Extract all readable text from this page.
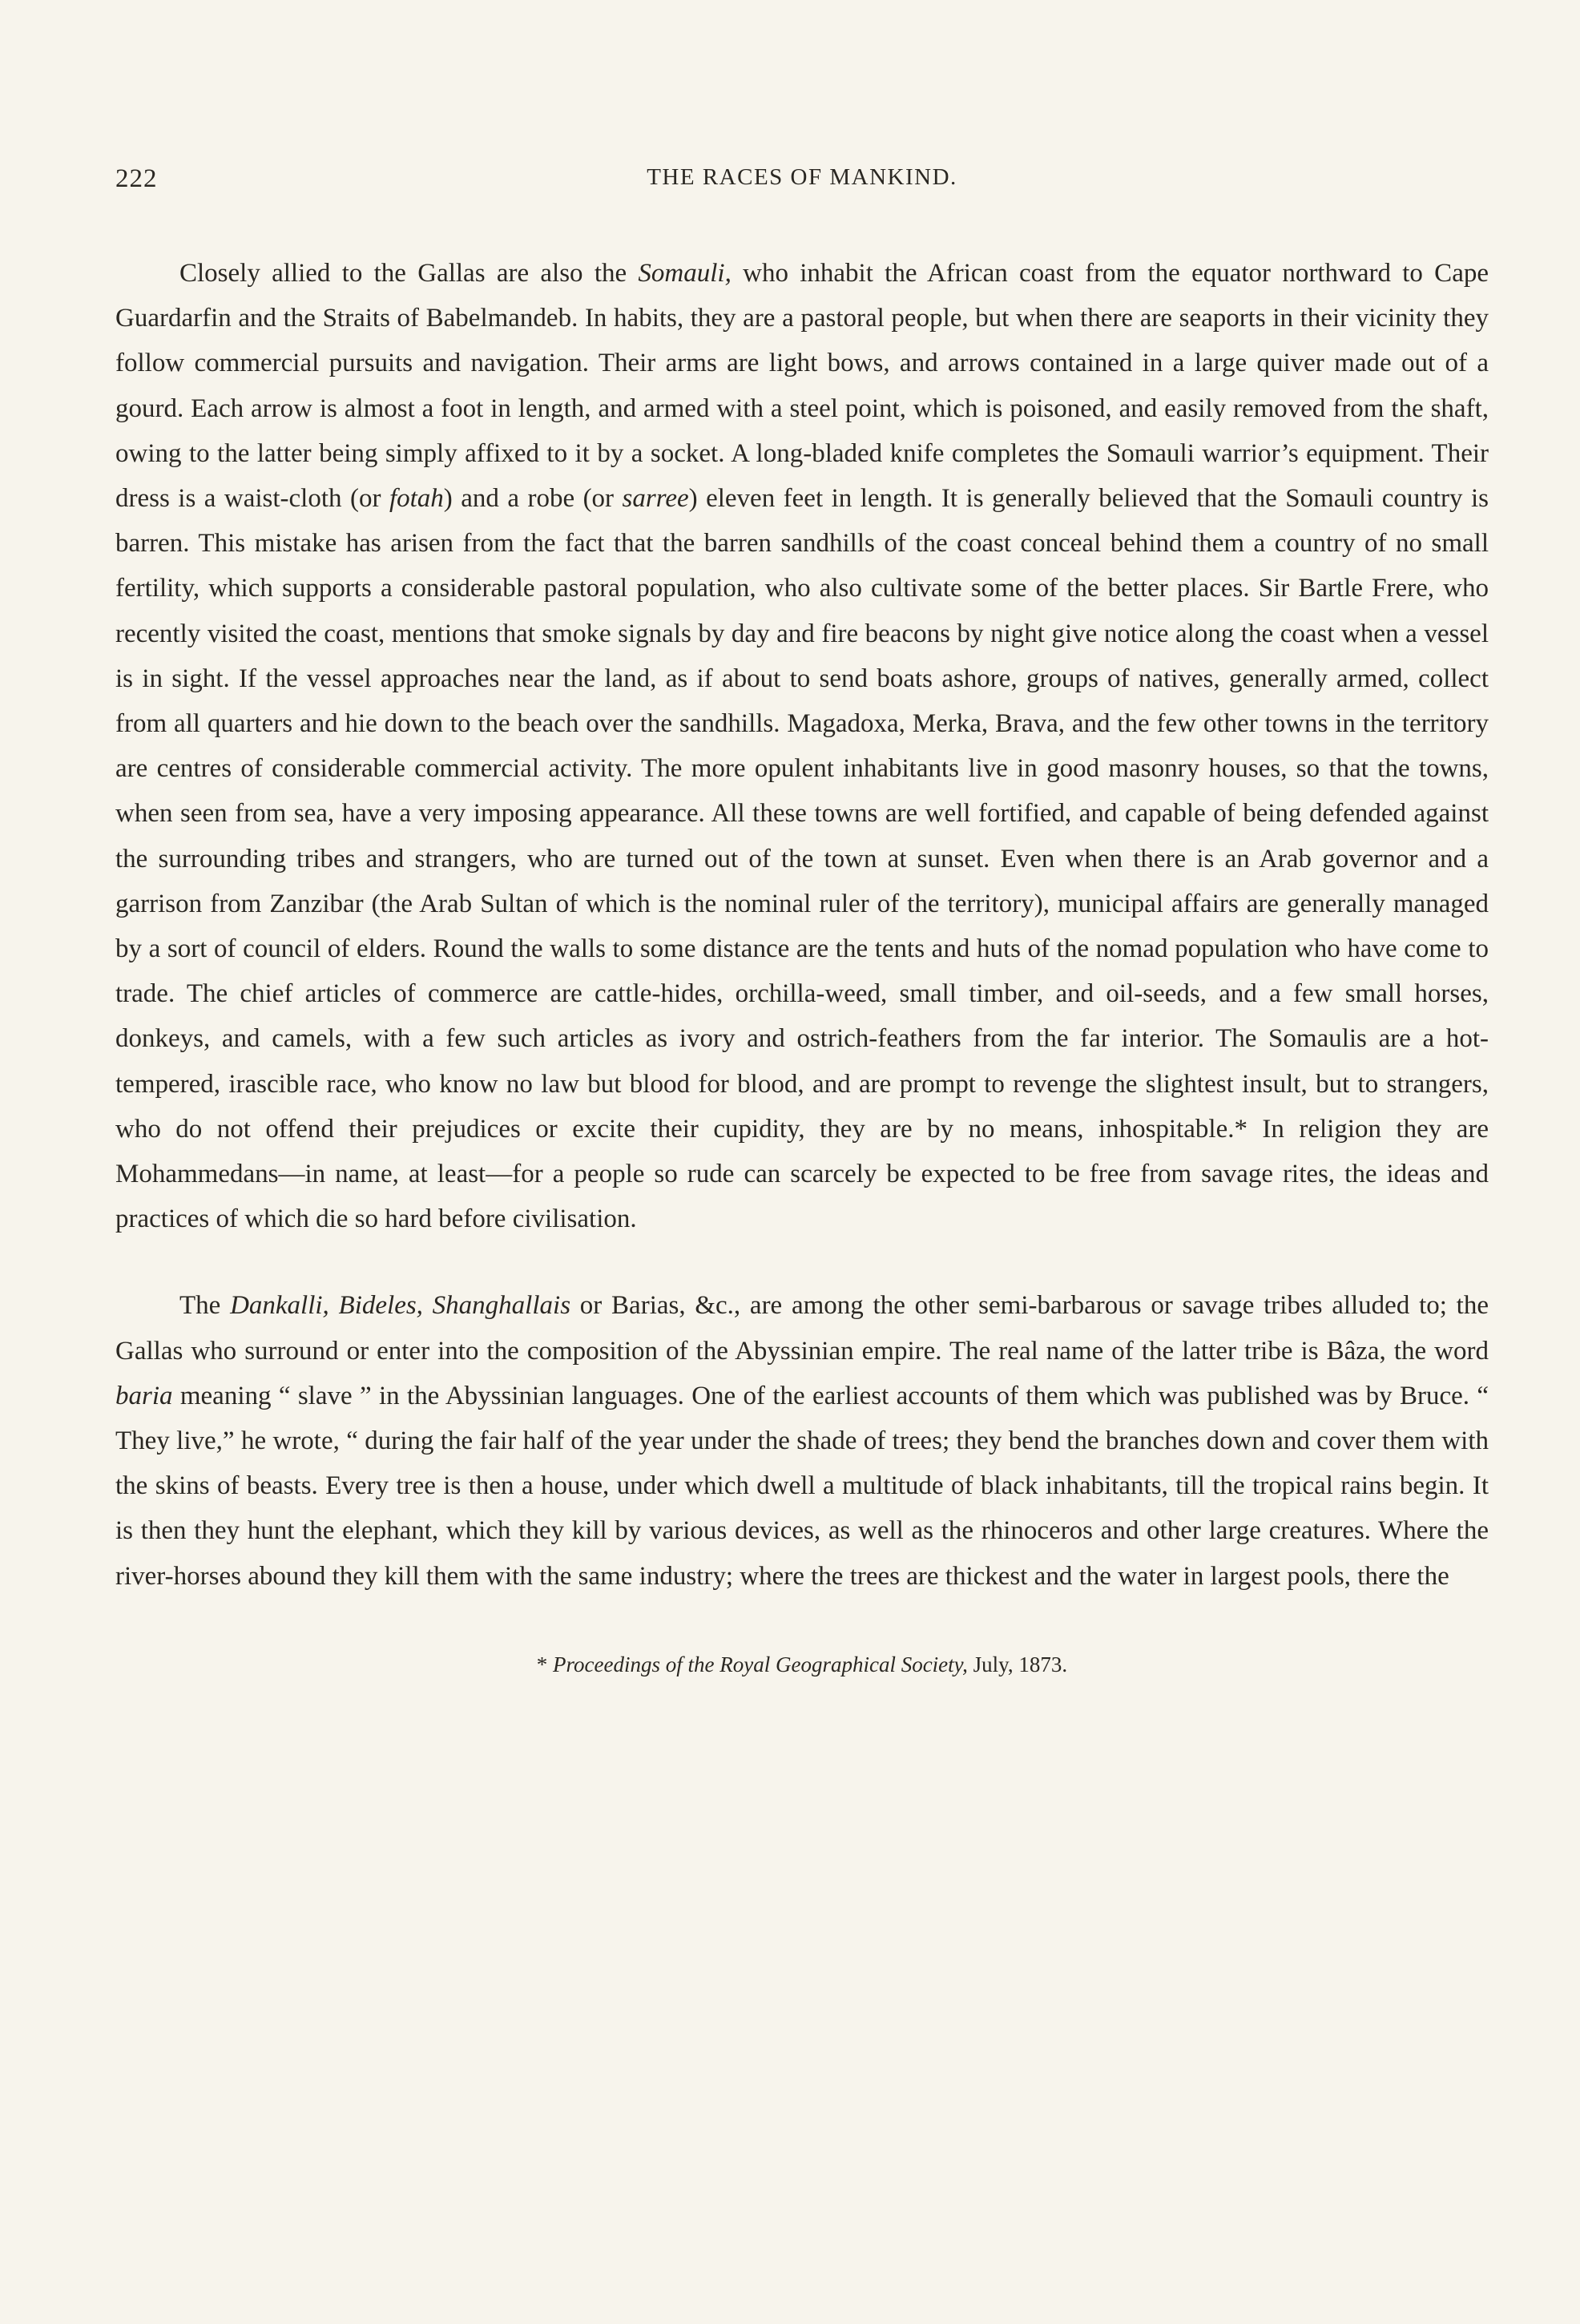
222	THE RACES OF MANKIND.

Closely allied to the Gallas are also the Somauli, who inhabit the African coast from the equator northward to Cape Guardarfin and the Straits of Babelmandeb. In habits, they are a pastoral people, but when there are seaports in their vicinity they follow commercial pursuits and navigation. Their arms are light bows, and arrows contained in a large quiver made out of a gourd. Each arrow is almost a foot in length, and armed with a steel point, which is poisoned, and easily removed from the shaft, owing to the latter being simply affixed to it by a socket. A long-bladed knife completes the Somauli warrior’s equipment. Their dress is a waist-cloth (or fotah) and a robe (or sarree) eleven feet in length. It is generally believed that the Somauli country is barren. This mistake has arisen from the fact that the barren sandhills of the coast conceal behind them a country of no small fertility, which supports a considerable pastoral population, who also cultivate some of the better places. Sir Bartle Frere, who recently visited the coast, mentions that smoke signals by day and fire beacons by night give notice along the coast when a vessel is in sight. If the vessel approaches near the land, as if about to send boats ashore, groups of natives, generally armed, collect from all quarters and hie down to the beach over the sandhills. Magadoxa, Merka, Brava, and the few other towns in the territory are centres of considerable commercial activity. The more opulent inhabitants live in good masonry houses, so that the towns, when seen from sea, have a very imposing appearance. All these towns are well fortified, and capable of being defended against the surrounding tribes and strangers, who are turned out of the town at sunset. Even when there is an Arab governor and a garrison from Zanzibar (the Arab Sultan of which is the nominal ruler of the territory), municipal affairs are generally managed by a sort of council of elders. Round the walls to some distance are the tents and huts of the nomad population who have come to trade. The chief articles of commerce are cattle-hides, orchilla-weed, small timber, and oil-seeds, and a few small horses, donkeys, and camels, with a few such articles as ivory and ostrich-feathers from the far interior. The Somaulis are a hot-tempered, irascible race, who know no law but blood for blood, and are prompt to revenge the slightest insult, but to strangers, who do not offend their prejudices or excite their cupidity, they are by no means, inhospitable.* In religion they are Mohammedans—in name, at least—for a people so rude can scarcely be expected to be free from savage rites, the ideas and practices of which die so hard before civilisation.

The Dankalli, Bideles, Shanghallais or Barias, &c., are among the other semi-barbarous or savage tribes alluded to; the Gallas who surround or enter into the composition of the Abyssinian empire. The real name of the latter tribe is Bâza, the word baria meaning “ slave ” in the Abyssinian languages. One of the earliest accounts of them which was published was by Bruce. “ They live,” he wrote, “ during the fair half of the year under the shade of trees; they bend the branches down and cover them with the skins of beasts. Every tree is then a house, under which dwell a multitude of black inhabitants, till the tropical rains begin. It is then they hunt the elephant, which they kill by various devices, as well as the rhinoceros and other large creatures. Where the river-horses abound they kill them with the same industry; where the trees are thickest and the water in largest pools, there the

* Proceedings of the Royal Geographical Society, July, 1873.
